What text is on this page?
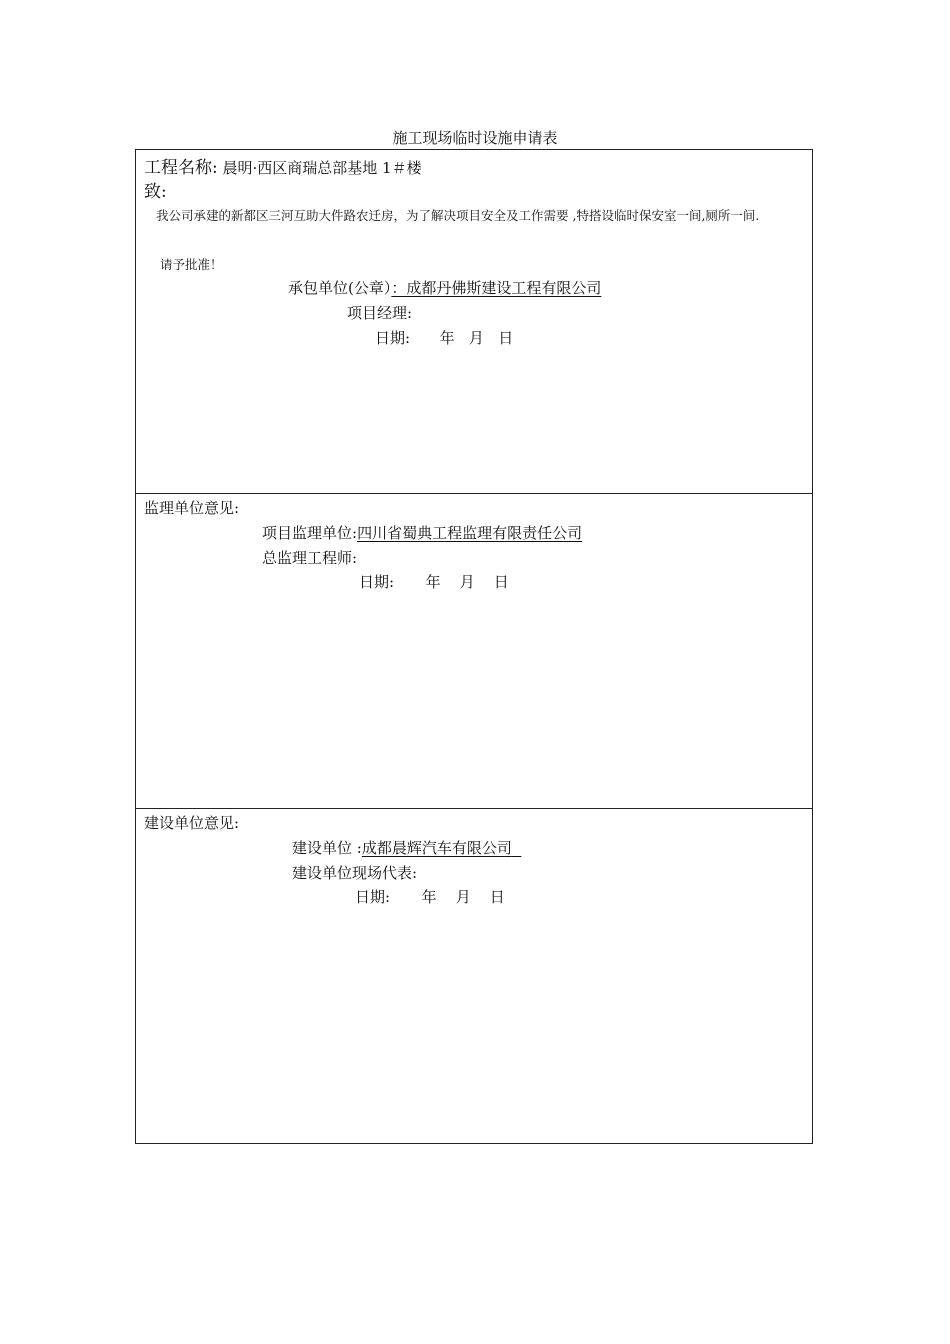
施工现场临时设施申请表
工程名称: 晨明·西区商瑞总部基地 1＃楼
致:
我公司承建的新都区三河互助大件路农迁房，为了解决项目安全及工作需要 ,特搭设临时保安室一间,厕所一间.
请予批准！
承包单位(公章）：成都丹佛斯建设工程有限公司
项目经理:
日期: 年   月   日
监理单位意见:
项目监理单位:四川省蜀典工程监理有限责任公司
总监理工程师:
日期: 年    月    日
建设单位意见:
建设单位 :成都晨辉汽车有限公司
建设单位现场代表:
日期: 年    月    日
